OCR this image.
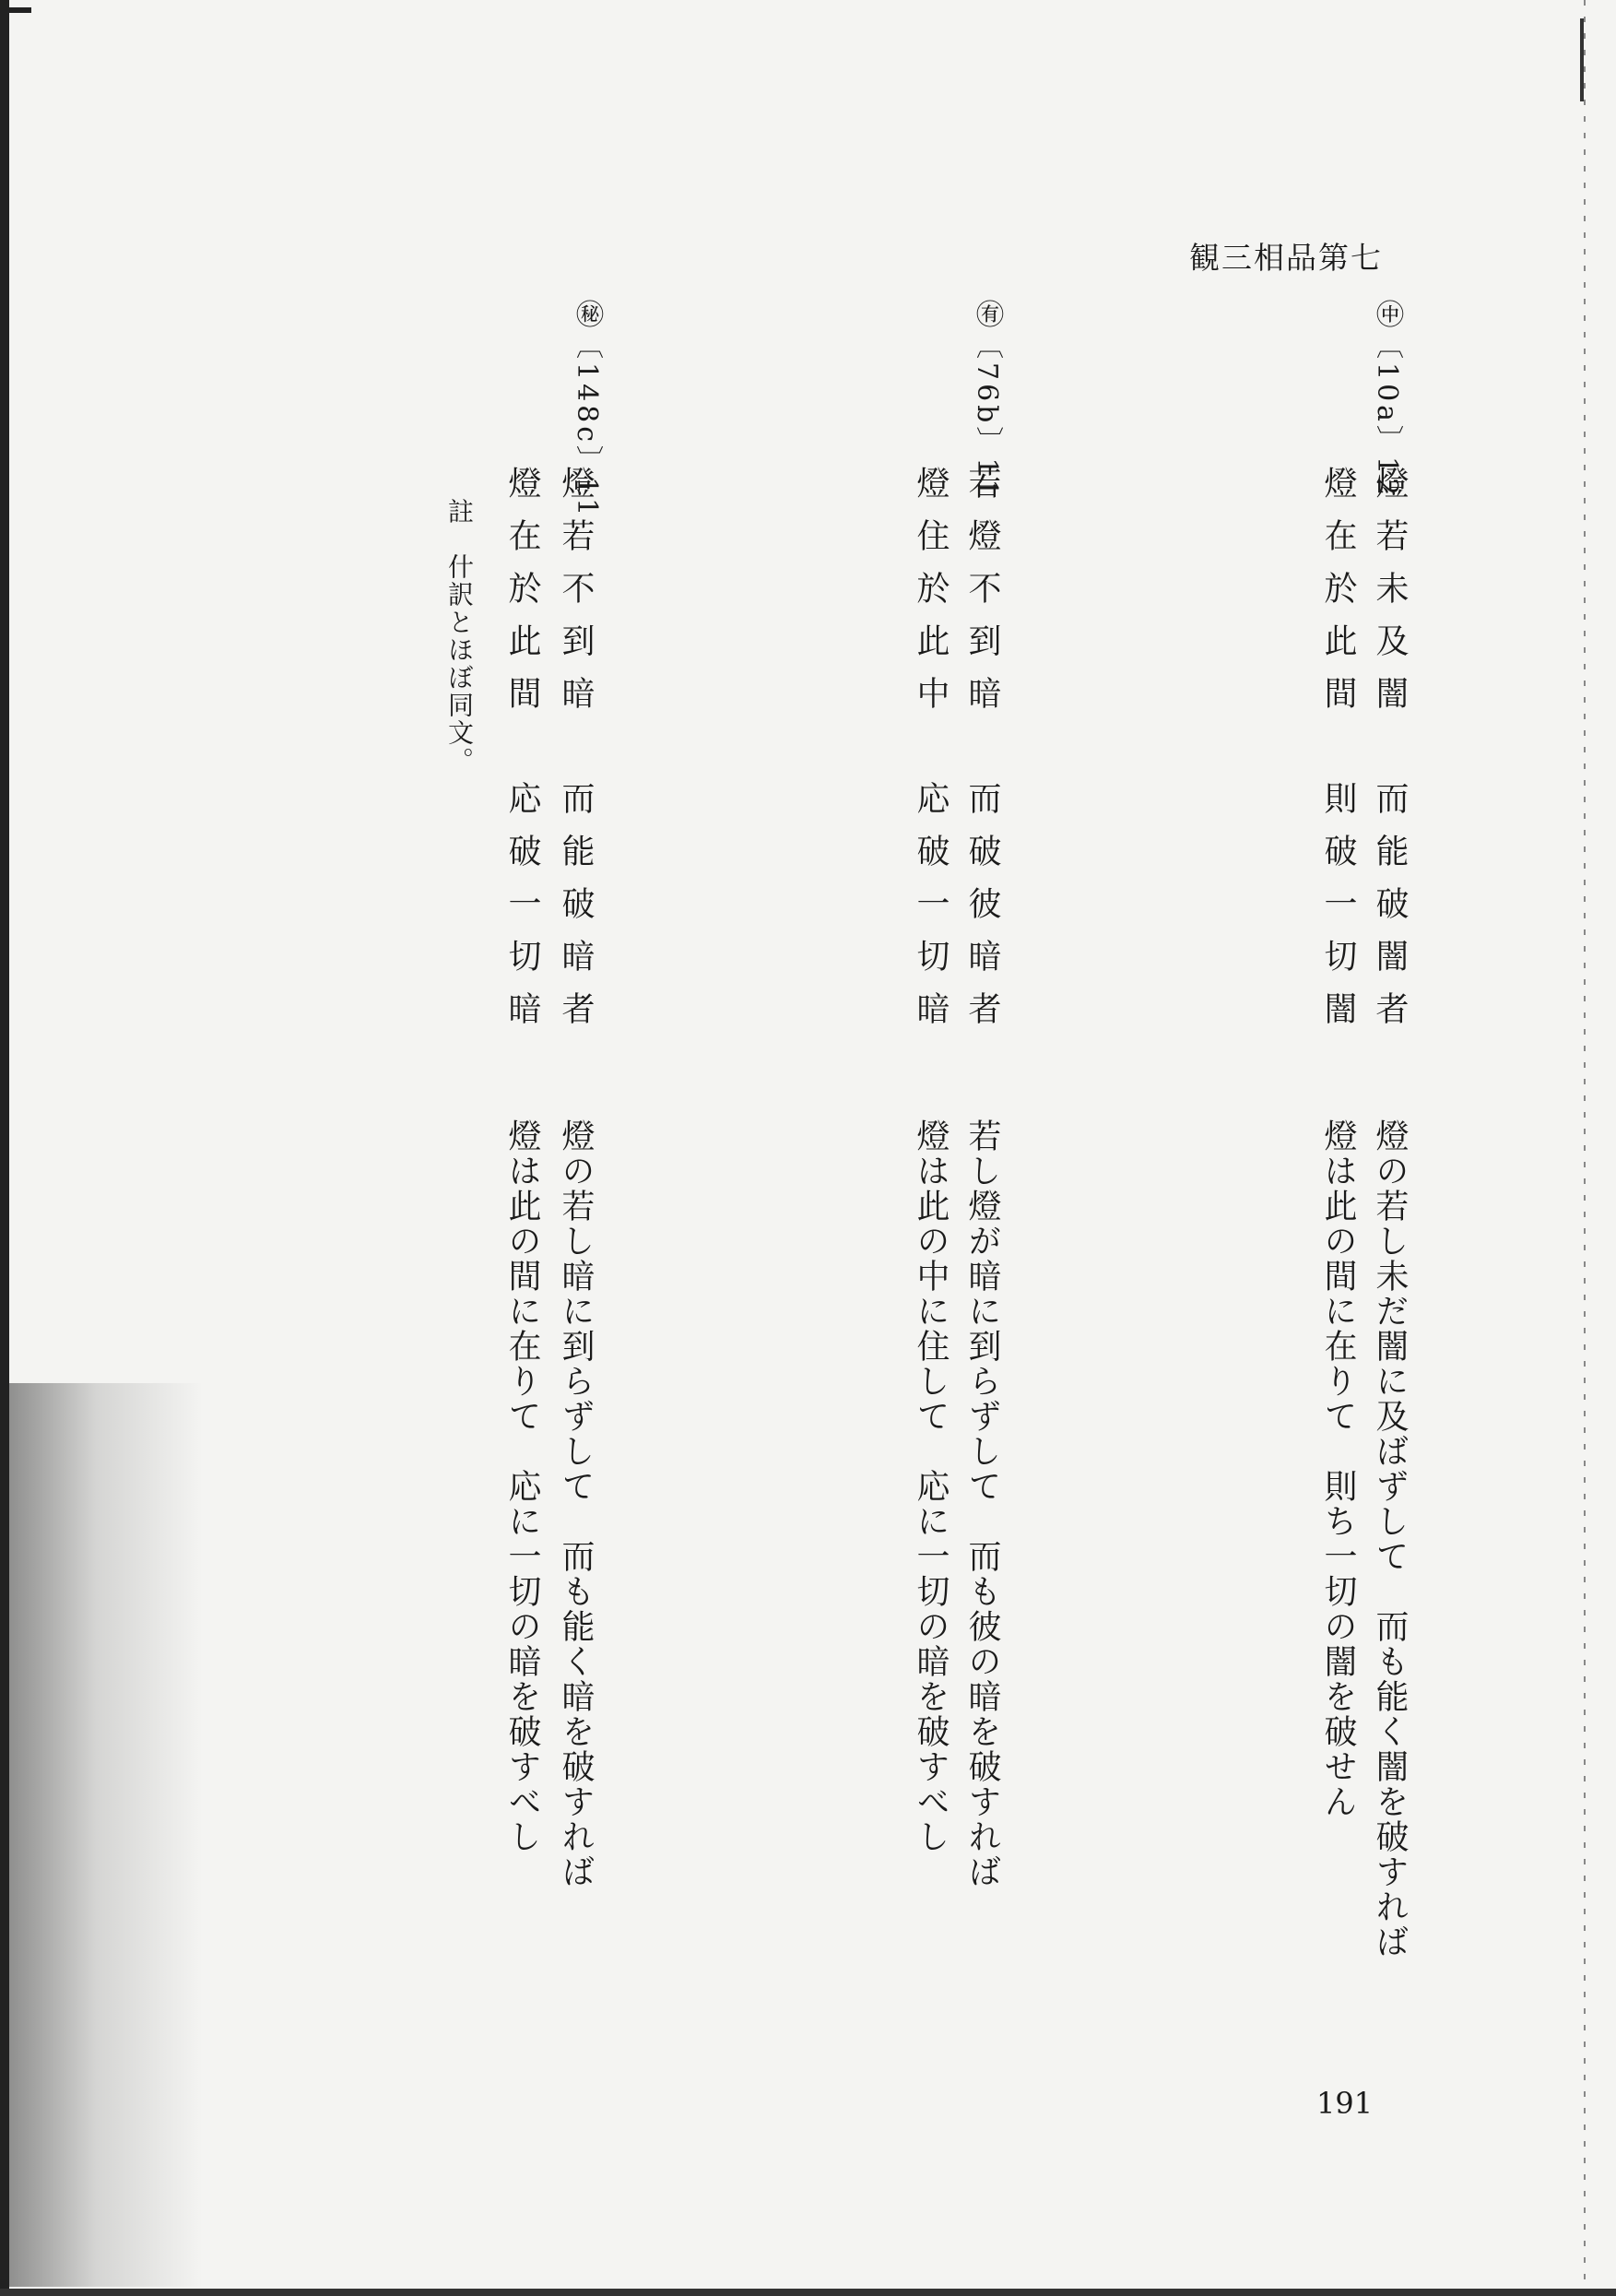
観三相品第七
㊥〔10a〕12
燈若未及闇　而能破闇者
燈在於此間　則破一切闇
燈の若し未だ闇に及ばずして　而も能く闇を破すれば
燈は此の間に在りて　則ち一切の闇を破せん
㊒〔76b〕11
若燈不到暗　而破彼暗者
燈住於此中　応破一切暗
若し燈が暗に到らずして　而も彼の暗を破すれば
燈は此の中に住して　応に一切の暗を破すべし
㊙〔148c〕11
燈若不到暗　而能破暗者
燈在於此間　応破一切暗
燈の若し暗に到らずして　而も能く暗を破すれば
燈は此の間に在りて　応に一切の暗を破すべし
註　什訳とほぼ同文。
191
